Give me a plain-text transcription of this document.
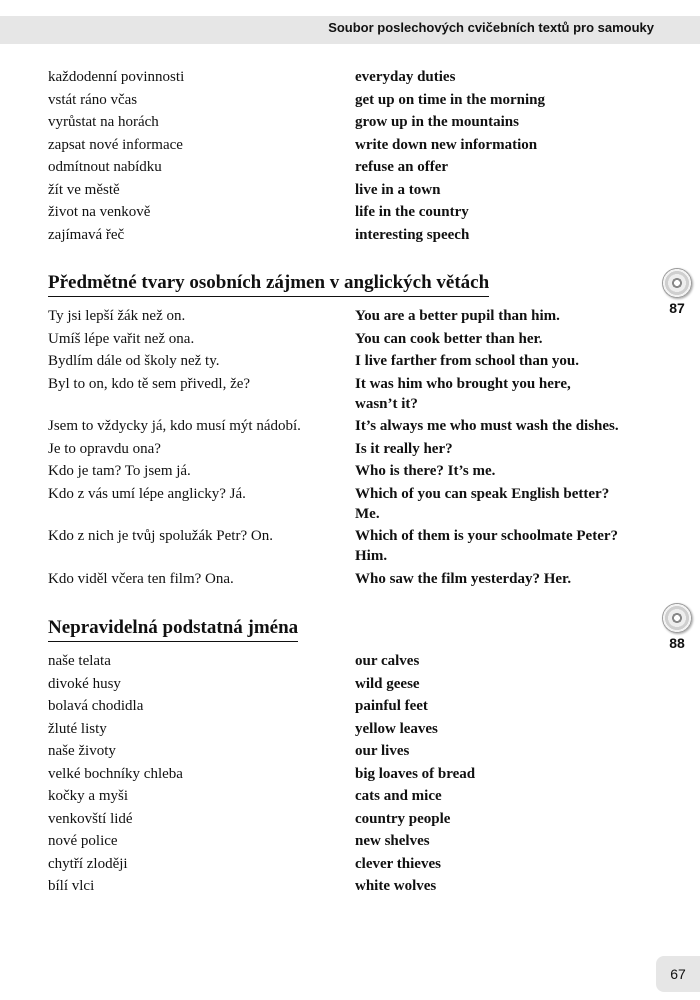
Soubor poslechových cvičebních textů pro samouky
každodenní povinnosti	everyday duties
vstát ráno včas	get up on time in the morning
vyrůstat na horách	grow up in the mountains
zapsat nové informace	write down new information
odmítnout nabídku	refuse an offer
žít ve městě	live in a town
život na venkově	life in the country
zajímavá řeč	interesting speech
Předmětné tvary osobních zájmen v anglických větách
87
Ty jsi lepší žák než on.	You are a better pupil than him.
Umíš lépe vařit než ona.	You can cook better than her.
Bydlím dále od školy než ty.	I live farther from school than you.
Byl to on, kdo tě sem přivedl, že?	It was him who brought you here,
wasn’t it?
Jsem to vždycky já, kdo musí mýt nádobí.	It’s always me who must wash the dishes.
Je to opravdu ona?	Is it really her?
Kdo je tam? To jsem já.	Who is there? It’s me.
Kdo z vás umí lépe anglicky? Já.	Which of you can speak English better?
Me.
Kdo z nich je tvůj spolužák Petr? On.	Which of them is your schoolmate Peter?
Him.
Kdo viděl včera ten film? Ona.	Who saw the film yesterday? Her.
Nepravidelná podstatná jména
88
naše telata	our calves
divoké husy	wild geese
bolavá chodidla	painful feet
žluté listy	yellow leaves
naše životy	our lives
velké bochníky chleba	big loaves of bread
kočky a myši	cats and mice
venkovští lidé	country people
nové police	new shelves
chytří zloději	clever thieves
bílí vlci	white wolves
67
